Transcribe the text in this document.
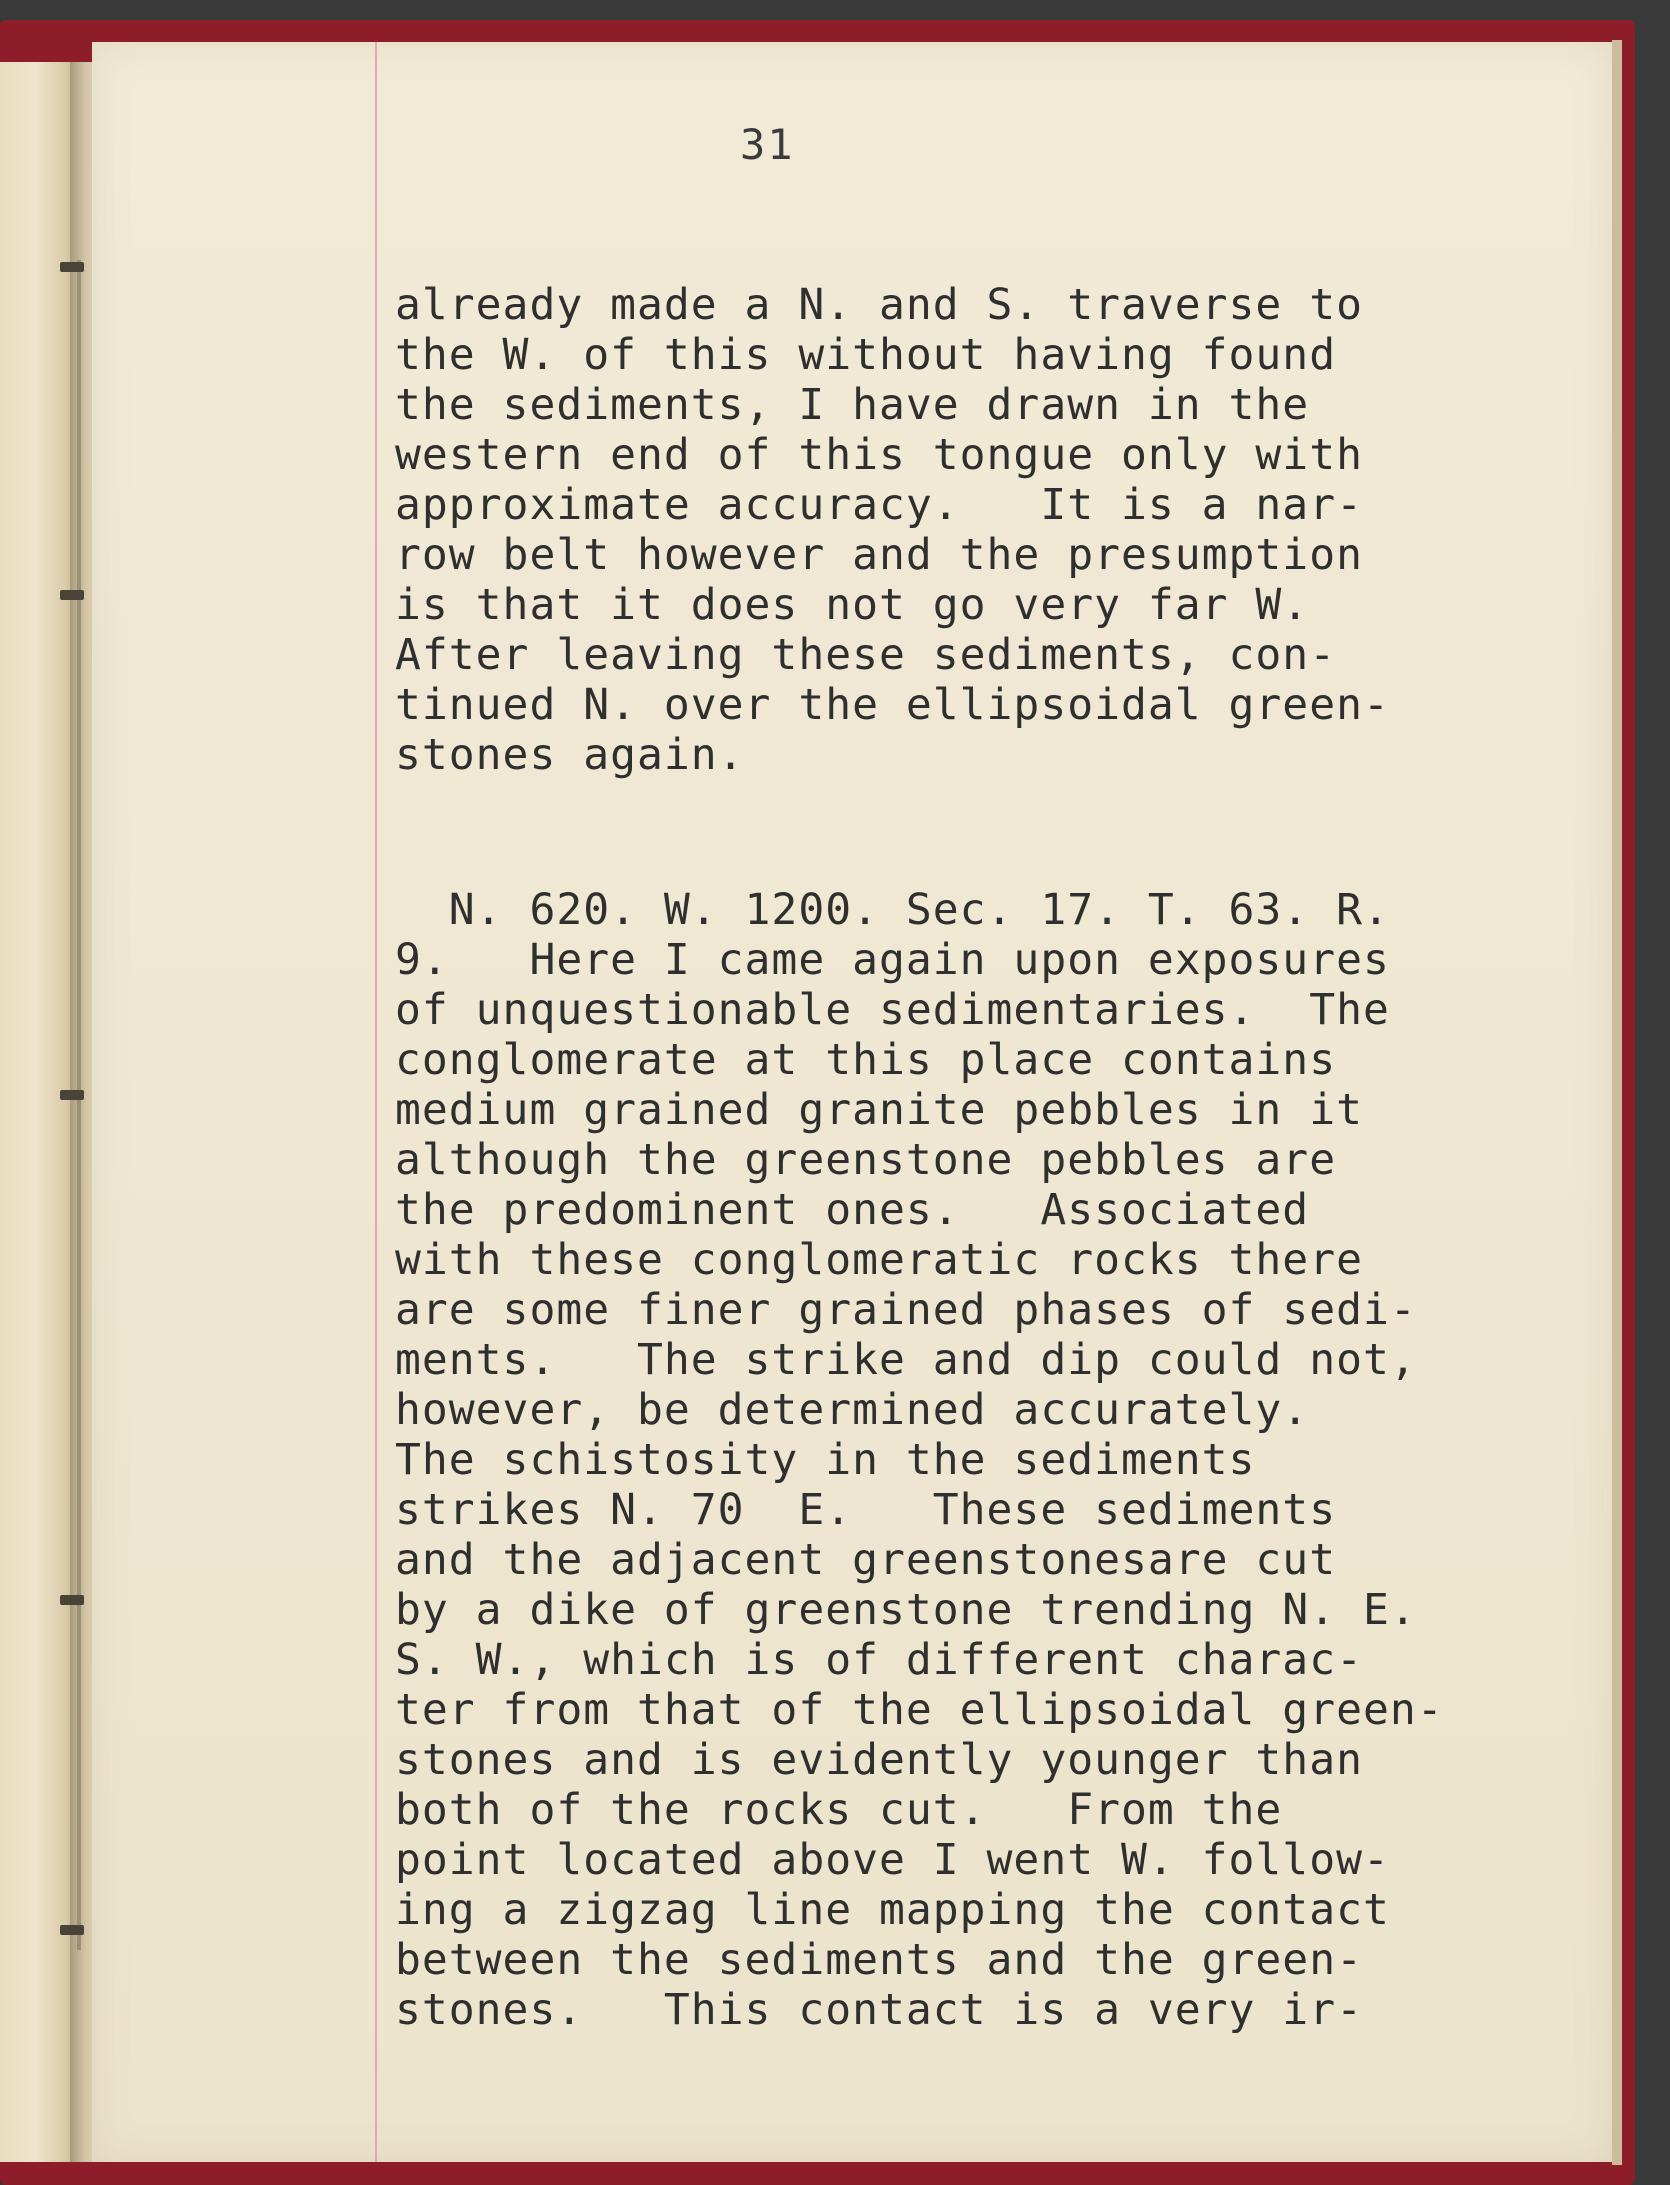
31
already made a N. and S. traverse to
the W. of this without having found
the sediments, I have drawn in the
western end of this tongue only with
approximate accuracy.   It is a nar-
row belt however and the presumption
is that it does not go very far W.
After leaving these sediments, con-
tinued N. over the ellipsoidal green-
stones again.
N. 620. W. 1200. Sec. 17. T. 63. R.
9.   Here I came again upon exposures
of unquestionable sedimentaries.  The
conglomerate at this place contains
medium grained granite pebbles in it
although the greenstone pebbles are
the predominent ones.   Associated
with these conglomeratic rocks there
are some finer grained phases of sedi-
ments.   The strike and dip could not,
however, be determined accurately.
The schistosity in the sediments
strikes N. 70  E.   These sediments
and the adjacent greenstonesare cut
by a dike of greenstone trending N. E.
S. W., which is of different charac-
ter from that of the ellipsoidal green-
stones and is evidently younger than
both of the rocks cut.   From the
point located above I went W. follow-
ing a zigzag line mapping the contact
between the sediments and the green-
stones.   This contact is a very ir-
